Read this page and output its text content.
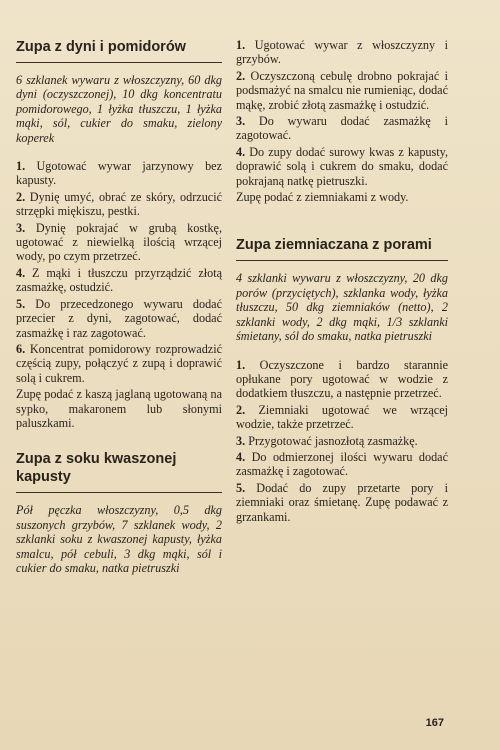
Zupa z dyni i pomidorów

6 szklanek wywaru z włoszczyzny, 60 dkg dyni (oczyszczonej), 10 dkg koncentratu pomidorowego, 1 łyżka tłuszczu, 1 łyżka mąki, sól, cukier do smaku, zielony koperek

1. Ugotować wywar jarzynowy bez kapusty.

2. Dynię umyć, obrać ze skóry, odrzucić strzępki miękiszu, pestki.

3. Dynię pokrajać w grubą kostkę, ugotować z niewielką ilością wrzącej wody, po czym przetrzeć.

4. Z mąki i tłuszczu przyrządzić złotą zasmażkę, ostudzić.

5. Do przecedzonego wywaru dodać przecier z dyni, zagotować, dodać zasmażkę i raz zagotować.

6. Koncentrat pomidorowy rozprowadzić częścią zupy, połączyć z zupą i doprawić solą i cukrem.

Zupę podać z kaszą jaglaną ugotowaną na sypko, makaronem lub słonymi paluszkami.

Zupa z soku kwaszonej kapusty

Pół pęczka włoszczyzny, 0,5 dkg suszonych grzybów, 7 szklanek wody, 2 szklanki soku z kwaszonej kapusty, łyżka smalcu, pół cebuli, 3 dkg mąki, sól i cukier do smaku, natka pietruszki

1. Ugotować wywar z włoszczyzny i grzybów.

2. Oczyszczoną cebulę drobno pokrajać i podsmażyć na smalcu nie rumieniąc, dodać mąkę, zrobić złotą zasmażkę i ostudzić.

3. Do wywaru dodać zasmażkę i zagotować.

4. Do zupy dodać surowy kwas z kapusty, doprawić solą i cukrem do smaku, dodać pokrajaną natkę pietruszki.

Zupę podać z ziemniakami z wody.

Zupa ziemniaczana z porami

4 szklanki wywaru z włoszczyzny, 20 dkg porów (przyciętych), szklanka wody, łyżka tłuszczu, 50 dkg ziemniaków (netto), 2 szklanki wody, 2 dkg mąki, 1/3 szklanki śmietany, sól do smaku, natka pietruszki

1. Oczyszczone i bardzo starannie opłukane pory ugotować w wodzie z dodatkiem tłuszczu, a następnie przetrzeć.

2. Ziemniaki ugotować we wrzącej wodzie, także przetrzeć.

3. Przygotować jasnozłotą zasmażkę.

4. Do odmierzonej ilości wywaru dodać zasmażkę i zagotować.

5. Dodać do zupy przetarte pory i ziemniaki oraz śmietanę. Zupę podawać z grzankami.

167
